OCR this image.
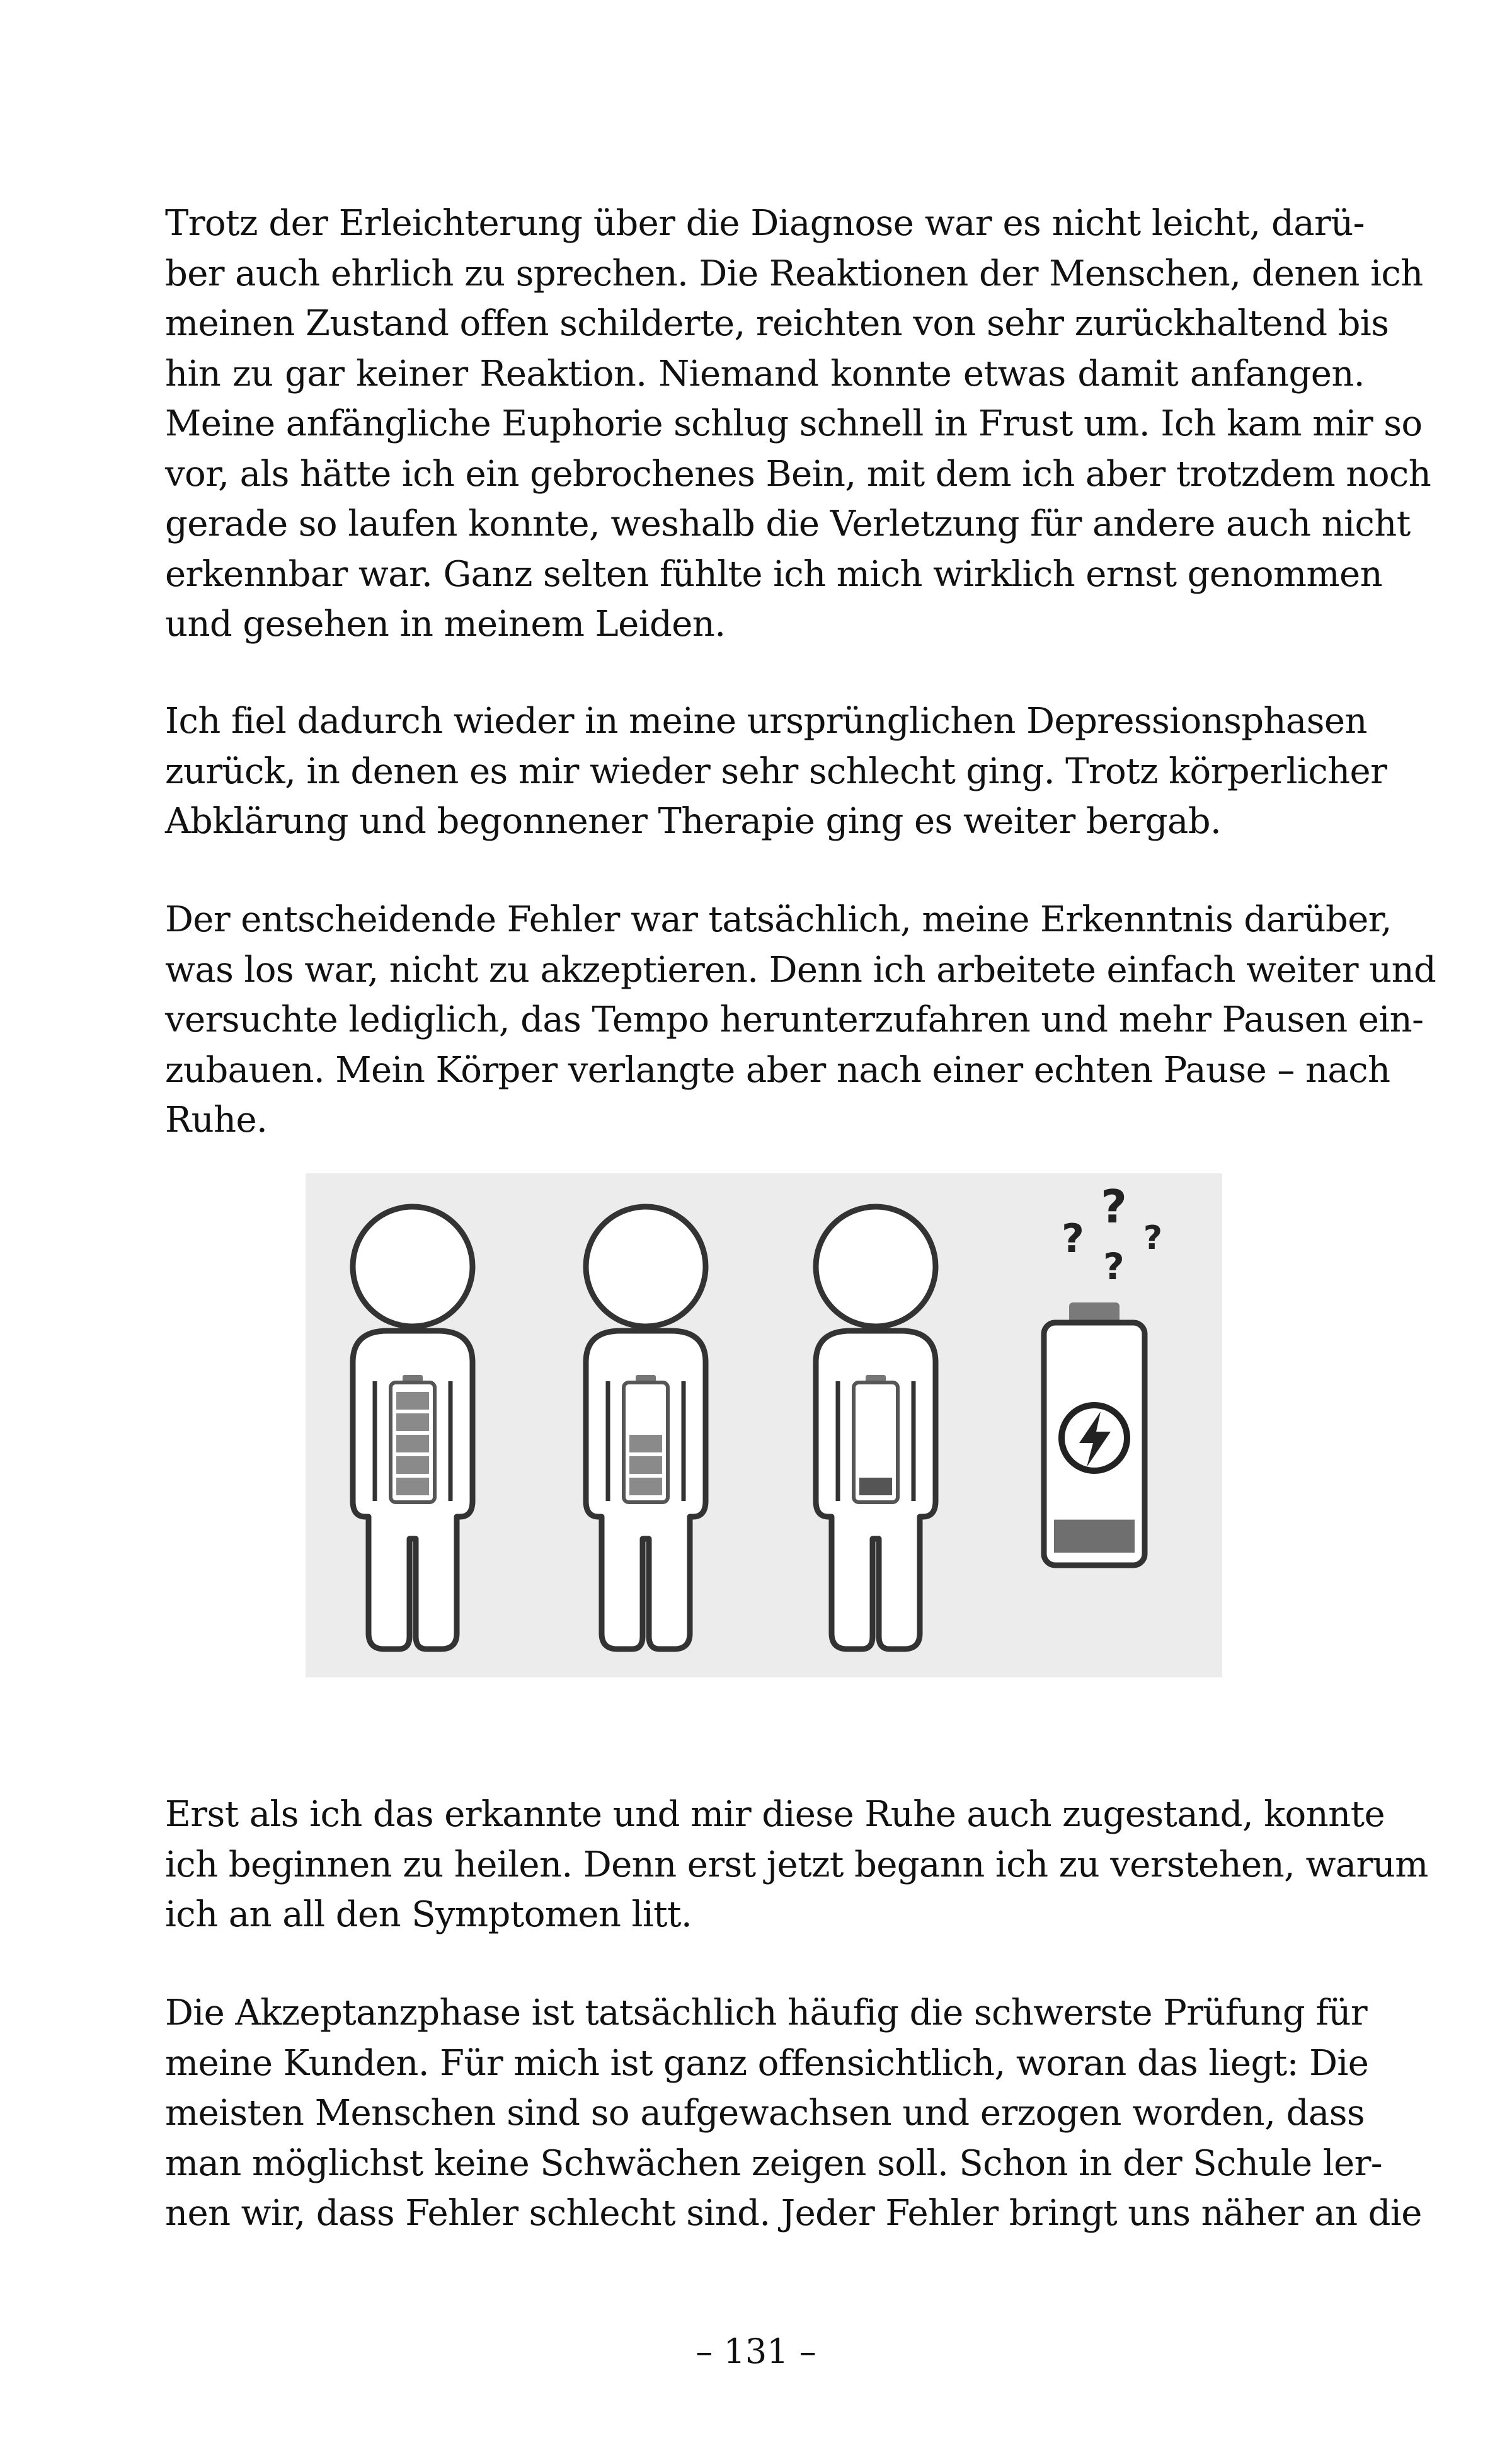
Trotz der Erleichterung über die Diagnose war es nicht leicht, darü-
ber auch ehrlich zu sprechen. Die Reaktionen der Menschen, denen ich
meinen Zustand offen schilderte, reichten von sehr zurückhaltend bis
hin zu gar keiner Reaktion. Niemand konnte etwas damit anfangen.
Meine anfängliche Euphorie schlug schnell in Frust um. Ich kam mir so
vor, als hätte ich ein gebrochenes Bein, mit dem ich aber trotzdem noch
gerade so laufen konnte, weshalb die Verletzung für andere auch nicht
erkennbar war. Ganz selten fühlte ich mich wirklich ernst genommen
und gesehen in meinem Leiden.

Ich fiel dadurch wieder in meine ursprünglichen Depressionsphasen
zurück, in denen es mir wieder sehr schlecht ging. Trotz körperlicher
Abklärung und begonnener Therapie ging es weiter bergab.

Der entscheidende Fehler war tatsächlich, meine Erkenntnis darüber,
was los war, nicht zu akzeptieren. Denn ich arbeitete einfach weiter und
versuchte lediglich, das Tempo herunterzufahren und mehr Pausen ein-
zubauen. Mein Körper verlangte aber nach einer echten Pause – nach
Ruhe.

?
?
?
?

Erst als ich das erkannte und mir diese Ruhe auch zugestand, konnte
ich beginnen zu heilen. Denn erst jetzt begann ich zu verstehen, warum
ich an all den Symptomen litt.

Die Akzeptanzphase ist tatsächlich häufig die schwerste Prüfung für
meine Kunden. Für mich ist ganz offensichtlich, woran das liegt: Die
meisten Menschen sind so aufgewachsen und erzogen worden, dass
man möglichst keine Schwächen zeigen soll. Schon in der Schule ler-
nen wir, dass Fehler schlecht sind. Jeder Fehler bringt uns näher an die

– 131 –
